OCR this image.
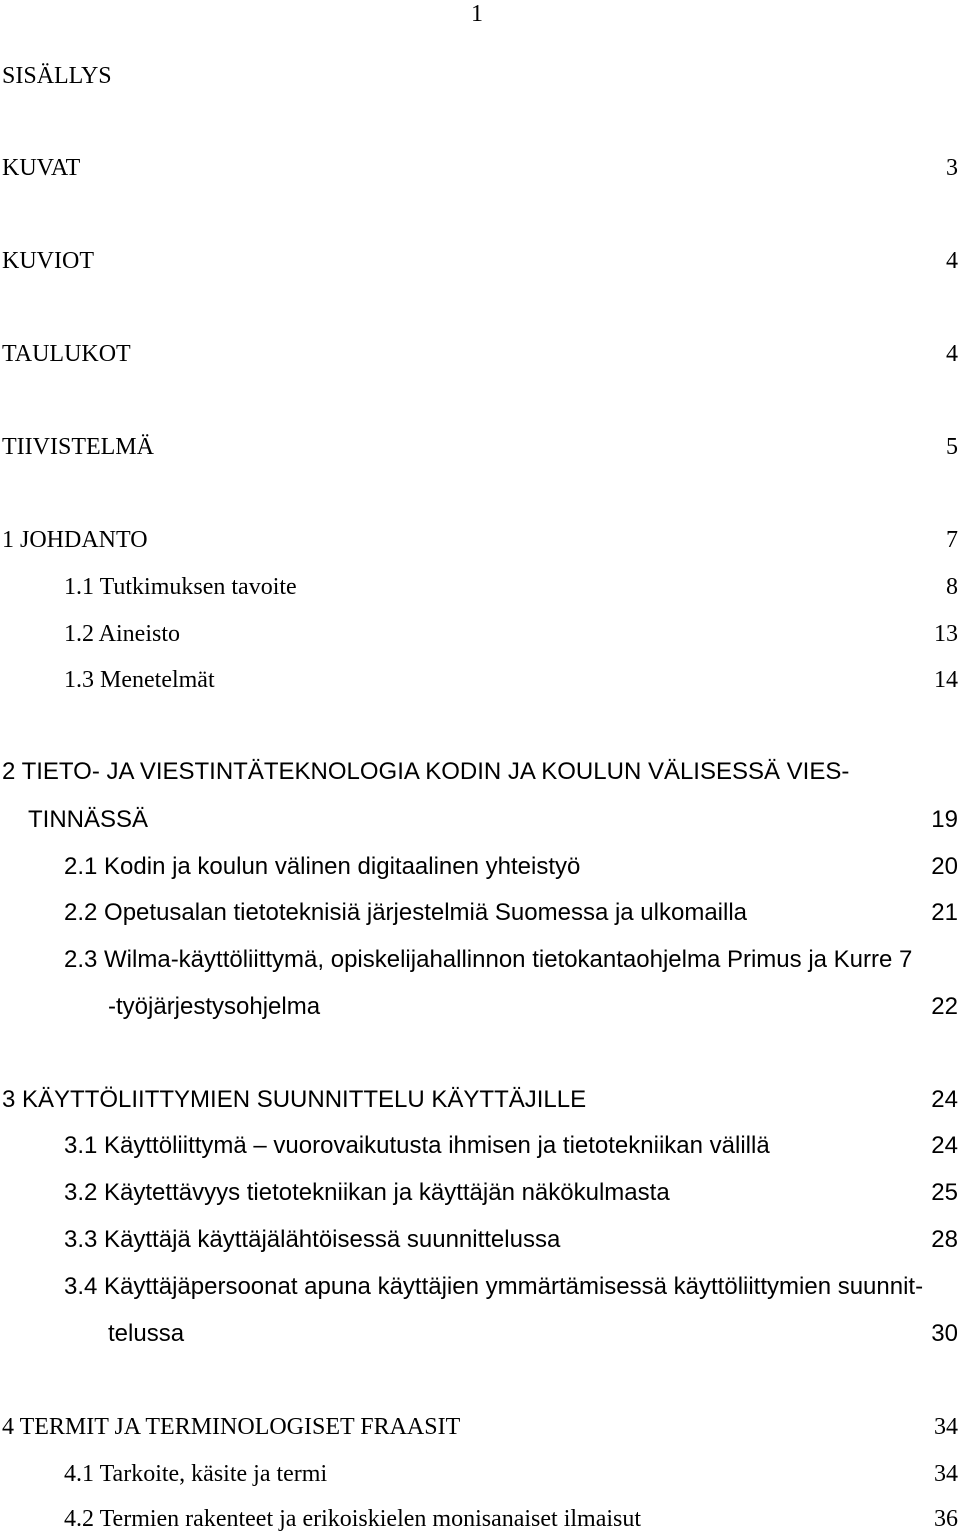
1
SISÄLLYS
KUVAT	3
KUVIOT	4
TAULUKOT	4
TIIVISTELMÄ	5
1 JOHDANTO	7
1.1 Tutkimuksen tavoite	8
1.2 Aineisto	13
1.3 Menetelmät	14
2 TIETO- JA VIESTINTÄTEKNOLOGIA KODIN JA KOULUN VÄLISESSÄ VIES-
TINNÄSSÄ	19
2.1 Kodin ja koulun välinen digitaalinen yhteistyö	20
2.2 Opetusalan tietoteknisiä järjestelmiä Suomessa ja ulkomailla	21
2.3 Wilma-käyttöliittymä, opiskelijahallinnon tietokantaohjelma Primus ja Kurre 7
-työjärjestysohjelma	22
3 KÄYTTÖLIITTYMIEN SUUNNITTELU KÄYTTÄJILLE	24
3.1 Käyttöliittymä – vuorovaikutusta ihmisen ja tietotekniikan välillä	24
3.2 Käytettävyys tietotekniikan ja käyttäjän näkökulmasta	25
3.3 Käyttäjä käyttäjälähtöisessä suunnittelussa	28
3.4 Käyttäjäpersoonat apuna käyttäjien ymmärtämisessä käyttöliittymien suunnit-
telussa	30
4 TERMIT JA TERMINOLOGISET FRAASIT	34
4.1 Tarkoite, käsite ja termi	34
4.2 Termien rakenteet ja erikoiskielen monisanaiset ilmaisut	36
